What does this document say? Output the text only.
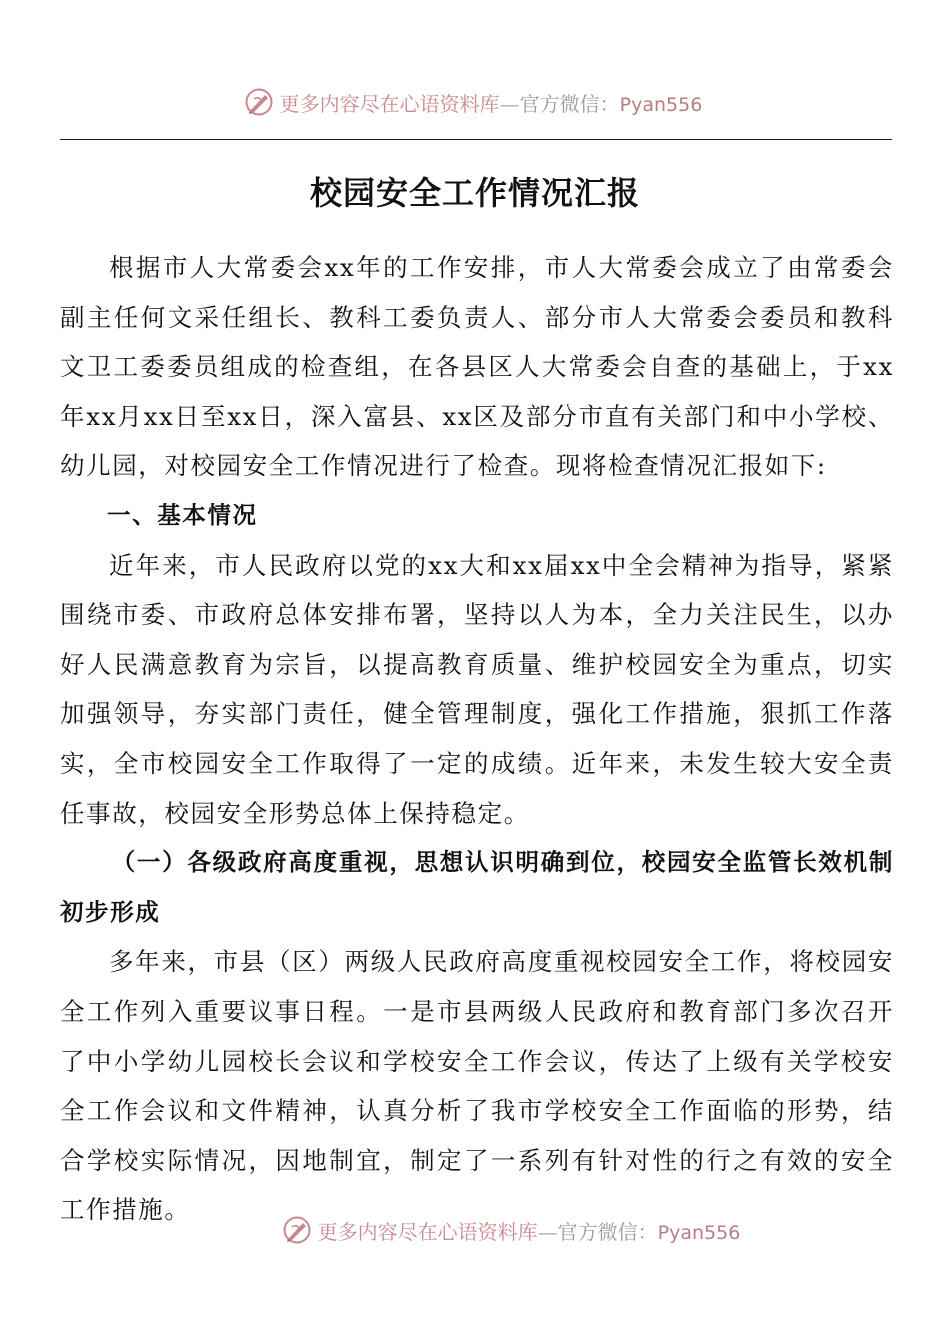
更多内容尽在心语资料库—官方微信：Pyan556
校园安全工作情况汇报

根据市人大常委会xx年的工作安排，市人大常委会成立了由常委会副主任何文采任组长、教科工委负责人、部分市人大常委会委员和教科文卫工委委员组成的检查组，在各县区人大常委会自查的基础上，于xx年xx月xx日至xx日，深入富县、xx区及部分市直有关部门和中小学校、幼儿园，对校园安全工作情况进行了检查。现将检查情况汇报如下:

一、基本情况

近年来，市人民政府以党的xx大和xx届xx中全会精神为指导，紧紧围绕市委、市政府总体安排布署，坚持以人为本，全力关注民生，以办好人民满意教育为宗旨，以提高教育质量、维护校园安全为重点，切实加强领导，夯实部门责任，健全管理制度，强化工作措施，狠抓工作落实，全市校园安全工作取得了一定的成绩。近年来，未发生较大安全责任事故，校园安全形势总体上保持稳定。

（一）各级政府高度重视，思想认识明确到位，校园安全监管长效机制初步形成

多年来，市县（区）两级人民政府高度重视校园安全工作，将校园安全工作列入重要议事日程。一是市县两级人民政府和教育部门多次召开了中小学幼儿园校长会议和学校安全工作会议，传达了上级有关学校安全工作会议和文件精神，认真分析了我市学校安全工作面临的形势，结合学校实际情况，因地制宜，制定了一系列有针对性的行之有效的安全工作措施。

更多内容尽在心语资料库—官方微信：Pyan556
